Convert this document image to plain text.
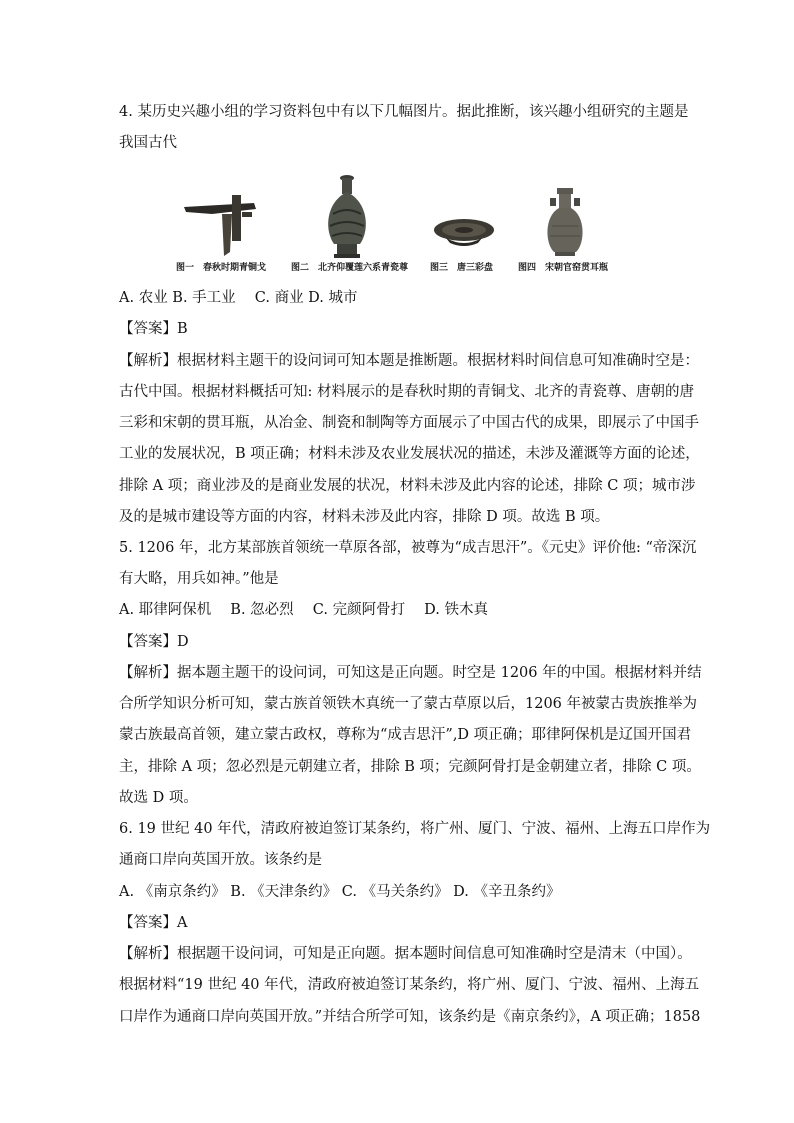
4. 某历史兴趣小组的学习资料包中有以下几幅图片。据此推断，该兴趣小组研究的主题是
我国古代
图一　春秋时期青铜戈	图二　北齐仰覆莲六系青瓷尊 图三　唐三彩盘	图四　宋朝官窑贯耳瓶
A. 农业 B. 手工业　 C. 商业 D. 城市
【答案】B
【解析】根据材料主题干的设问词可知本题是推断题。根据材料时间信息可知准确时空是：
古代中国。根据材料概括可知: 材料展示的是春秋时期的青铜戈、北齐的青瓷尊、唐朝的唐
三彩和宋朝的贯耳瓶，从冶金、制瓷和制陶等方面展示了中国古代的成果，即展示了中国手
工业的发展状况，B 项正确；材料未涉及农业发展状况的描述，未涉及灌溉等方面的论述，
排除 A 项；商业涉及的是商业发展的状况，材料未涉及此内容的论述，排除 C 项；城市涉
及的是城市建设等方面的内容，材料未涉及此内容，排除 D 项。故选 B 项。
5. 1206 年，北方某部族首领统一草原各部，被尊为“成吉思汗”。《元史》评价他: “帝深沉
有大略，用兵如神。”他是
A. 耶律阿保机　 B. 忽必烈　 C. 完颜阿骨打　 D. 铁木真
【答案】D
【解析】据本题主题干的设问词，可知这是正向题。时空是 1206 年的中国。根据材料并结
合所学知识分析可知，蒙古族首领铁木真统一了蒙古草原以后，1206 年被蒙古贵族推举为
蒙古族最高首领，建立蒙古政权，尊称为“成吉思汗”,D 项正确；耶律阿保机是辽国开国君
主，排除 A 项；忽必烈是元朝建立者，排除 B 项；完颜阿骨打是金朝建立者，排除 C 项。
故选 D 项。
6. 19 世纪 40 年代，清政府被迫签订某条约，将广州、厦门、宁波、福州、上海五口岸作为
通商口岸向英国开放。该条约是
A. 《南京条约》 B. 《天津条约》 C. 《马关条约》 D. 《辛丑条约》
【答案】A
【解析】根据题干设问词，可知是正向题。据本题时间信息可知准确时空是清末（中国）。
根据材料“19 世纪 40 年代，清政府被迫签订某条约，将广州、厦门、宁波、福州、上海五
口岸作为通商口岸向英国开放。”并结合所学可知，该条约是《南京条约》，A 项正确；1858
